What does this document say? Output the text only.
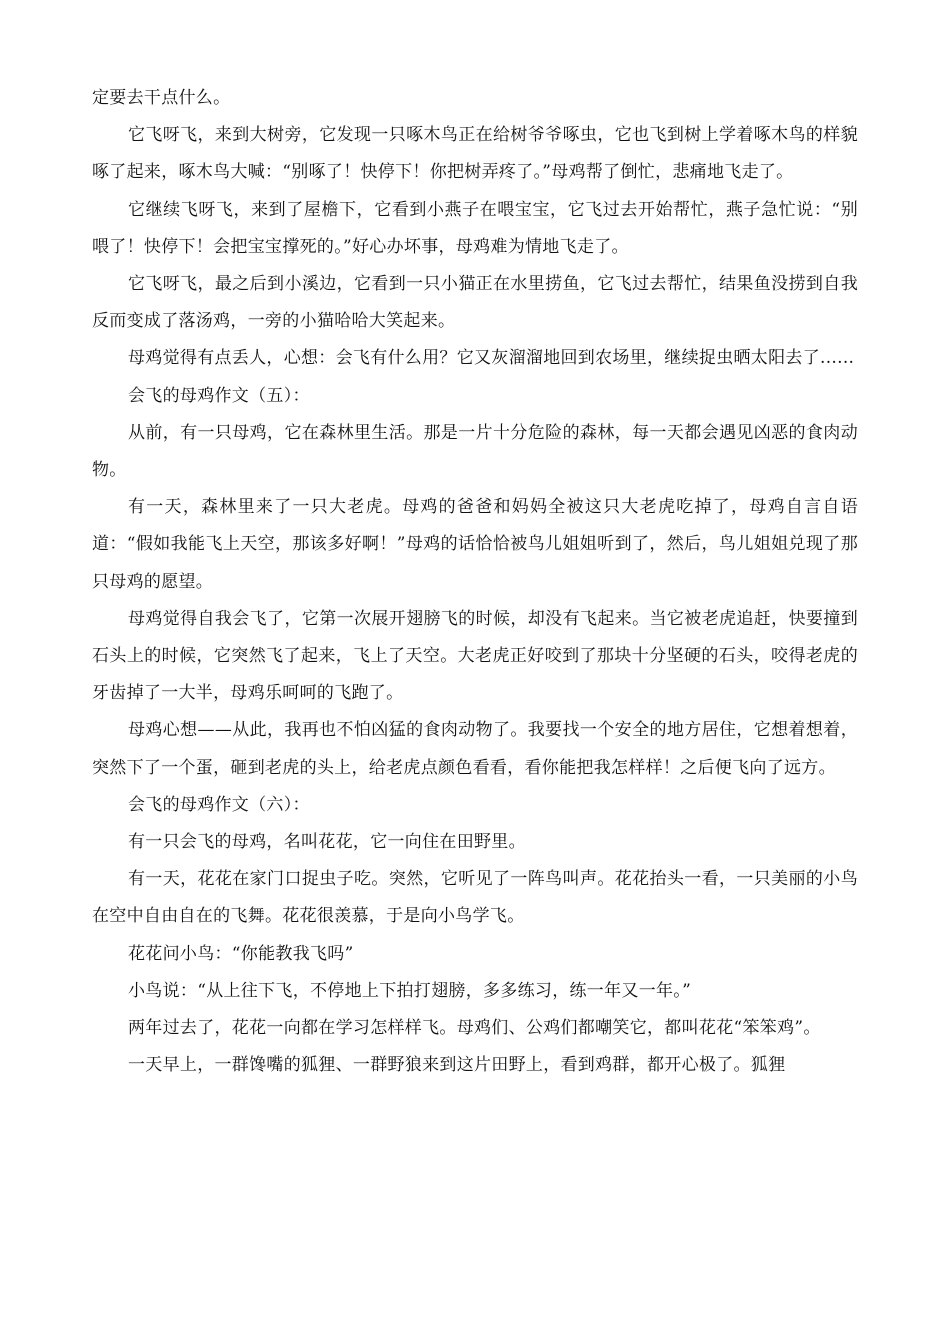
定要去干点什么。

它飞呀飞，来到大树旁，它发现一只啄木鸟正在给树爷爷啄虫，它也飞到树上学着啄木鸟的样貌啄了起来，啄木鸟大喊：“别啄了！快停下！你把树弄疼了。”母鸡帮了倒忙，悲痛地飞走了。

它继续飞呀飞，来到了屋檐下，它看到小燕子在喂宝宝，它飞过去开始帮忙，燕子急忙说：“别喂了！快停下！会把宝宝撑死的。”好心办坏事，母鸡难为情地飞走了。

它飞呀飞，最之后到小溪边，它看到一只小猫正在水里捞鱼，它飞过去帮忙，结果鱼没捞到自我反而变成了落汤鸡，一旁的小猫哈哈大笑起来。

母鸡觉得有点丢人，心想：会飞有什么用？它又灰溜溜地回到农场里，继续捉虫晒太阳去了......

会飞的母鸡作文（五）：

从前，有一只母鸡，它在森林里生活。那是一片十分危险的森林，每一天都会遇见凶恶的食肉动物。

有一天，森林里来了一只大老虎。母鸡的爸爸和妈妈全被这只大老虎吃掉了，母鸡自言自语道：“假如我能飞上天空，那该多好啊！”母鸡的话恰恰被鸟儿姐姐听到了，然后，鸟儿姐姐兑现了那只母鸡的愿望。

母鸡觉得自我会飞了，它第一次展开翅膀飞的时候，却没有飞起来。当它被老虎追赶，快要撞到石头上的时候，它突然飞了起来，飞上了天空。大老虎正好咬到了那块十分坚硬的石头，咬得老虎的牙齿掉了一大半，母鸡乐呵呵的飞跑了。

母鸡心想——从此，我再也不怕凶猛的食肉动物了。我要找一个安全的地方居住，它想着想着，突然下了一个蛋，砸到老虎的头上，给老虎点颜色看看，看你能把我怎样样！之后便飞向了远方。

会飞的母鸡作文（六）：

有一只会飞的母鸡，名叫花花，它一向住在田野里。

有一天，花花在家门口捉虫子吃。突然，它听见了一阵鸟叫声。花花抬头一看，一只美丽的小鸟在空中自由自在的飞舞。花花很羡慕，于是向小鸟学飞。

花花问小鸟：“你能教我飞吗”

小鸟说：“从上往下飞，不停地上下拍打翅膀，多多练习，练一年又一年。”

两年过去了，花花一向都在学习怎样样飞。母鸡们、公鸡们都嘲笑它，都叫花花“笨笨鸡”。

一天早上，一群馋嘴的狐狸、一群野狼来到这片田野上，看到鸡群，都开心极了。狐狸
